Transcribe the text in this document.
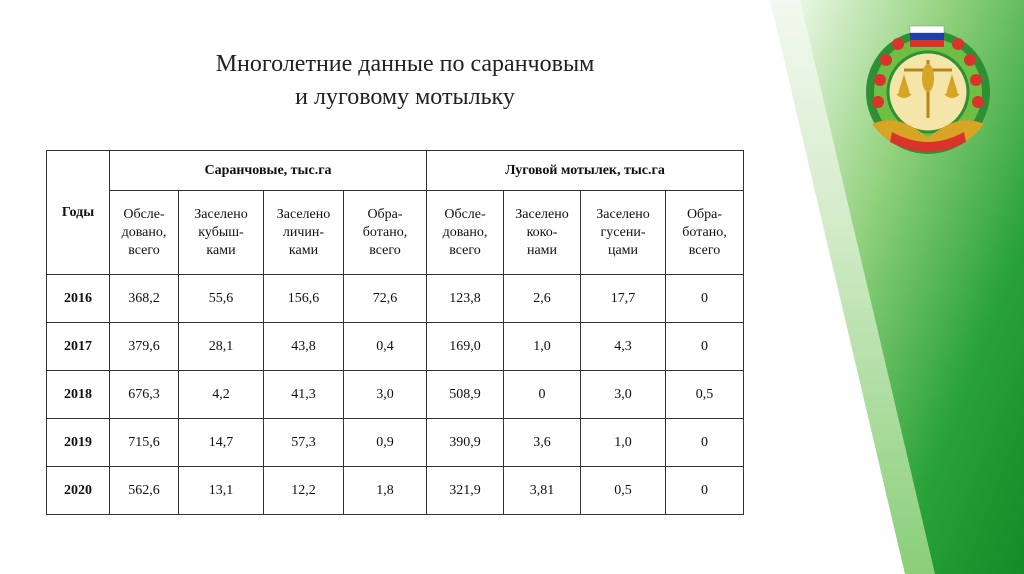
Многолетние данные по саранчовым
и луговому мотыльку
Годы	Саранчовые, тыс.га				Луговой мотылек, тыс.га			

	Обсле-
довано,
всего	Заселено
кубыш-
ками	Заселено
личин-
ками	Обра-
ботано,
всего	Обсле-
довано,
всего	Заселено
коко-
нами	Заселено
гусени-
цами	Обра-
ботано,
всего

2016	368,2	55,6	156,6	72,6	123,8	2,6	17,7	0
2017	379,6	28,1	43,8	0,4	169,0	1,0	4,3	0
2018	676,3	4,2	41,3	3,0	508,9	0	3,0	0,5
2019	715,6	14,7	57,3	0,9	390,9	3,6	1,0	0
2020	562,6	13,1	12,2	1,8	321,9	3,81	0,5	0
